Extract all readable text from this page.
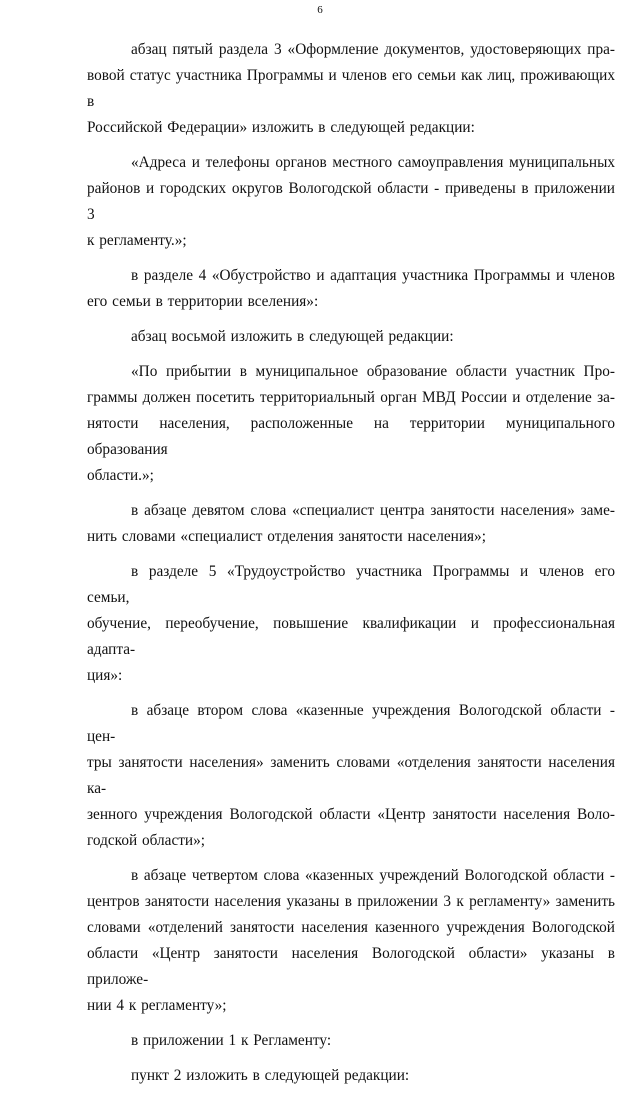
6

абзац пятый раздела 3 «Оформление документов, удостоверяющих пра-
вовой статус участника Программы и членов его семьи как лиц, проживающих в
Российской Федерации» изложить в следующей редакции:

«Адреса и телефоны органов местного самоуправления муниципальных
районов и городских округов Вологодской области - приведены в приложении 3
к регламенту.»;

в разделе 4 «Обустройство и адаптация участника Программы и членов
его семьи в территории вселения»:

абзац восьмой изложить в следующей редакции:

«По прибытии в муниципальное образование области участник Про-
граммы должен посетить территориальный орган МВД России и отделение за-
нятости населения, расположенные на территории муниципального образования
области.»;

в абзаце девятом слова «специалист центра занятости населения» заме-
нить словами «специалист отделения занятости населения»;

в разделе 5 «Трудоустройство участника Программы и членов его семьи,
обучение, переобучение, повышение квалификации и профессиональная адапта-
ция»:

в абзаце втором слова «казенные учреждения Вологодской области - цен-
тры занятости населения» заменить словами «отделения занятости населения ка-
зенного учреждения Вологодской области «Центр занятости населения Воло-
годской области»;

в абзаце четвертом слова «казенных учреждений Вологодской области -
центров занятости населения указаны в приложении 3 к регламенту» заменить
словами «отделений занятости населения казенного учреждения Вологодской
области «Центр занятости населения Вологодской области» указаны в приложе-
нии 4 к регламенту»;

в приложении 1 к Регламенту:

пункт 2 изложить в следующей редакции:
